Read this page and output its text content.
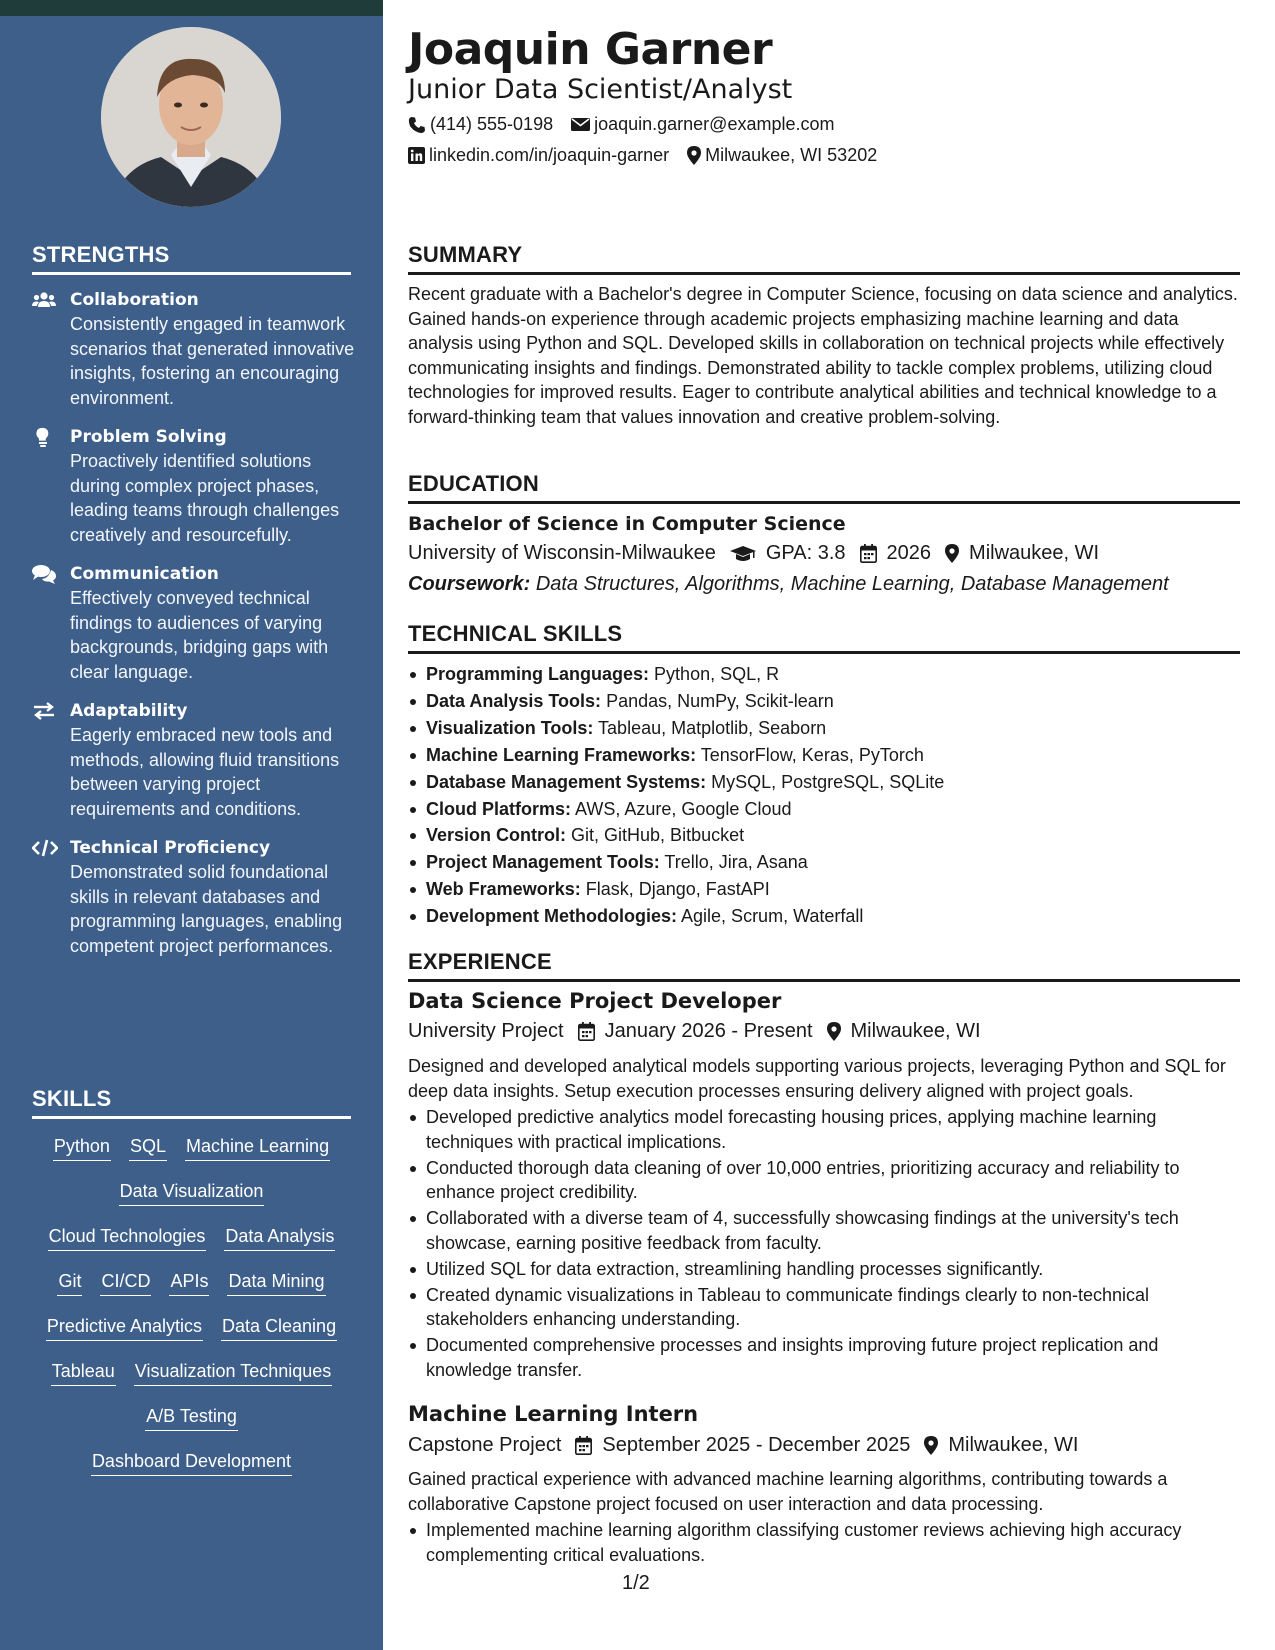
STRENGTHS
Collaboration
Consistently engaged in teamwork scenarios that generated innovative insights, fostering an encouraging environment.
Problem Solving
Proactively identified solutions during complex project phases, leading teams through challenges creatively and resourcefully.
Communication
Effectively conveyed technical findings to audiences of varying backgrounds, bridging gaps with clear language.
Adaptability
Eagerly embraced new tools and methods, allowing fluid transitions between varying project requirements and conditions.
Technical Proficiency
Demonstrated solid foundational skills in relevant databases and programming languages, enabling competent project performances.
SKILLS
Python SQL Machine Learning
Data Visualization
Cloud Technologies Data Analysis
Git CI/CD APIs Data Mining
Predictive Analytics Data Cleaning
Tableau Visualization Techniques
A/B Testing
Dashboard Development
Joaquin Garner
Junior Data Scientist/Analyst
(414) 555-0198 joaquin.garner@example.com
linkedin.com/in/joaquin-garner Milwaukee, WI 53202
SUMMARY
Recent graduate with a Bachelor's degree in Computer Science, focusing on data science and analytics. Gained hands-on experience through academic projects emphasizing machine learning and data analysis using Python and SQL. Developed skills in collaboration on technical projects while effectively communicating insights and findings. Demonstrated ability to tackle complex problems, utilizing cloud technologies for improved results. Eager to contribute analytical abilities and technical knowledge to a forward-thinking team that values innovation and creative problem-solving.
EDUCATION
Bachelor of Science in Computer Science
University of Wisconsin-Milwaukee	GPA: 3.8 2026 Milwaukee, WI
Coursework: Data Structures, Algorithms, Machine Learning, Database Management
TECHNICAL SKILLS
Programming Languages: Python, SQL, R
Data Analysis Tools: Pandas, NumPy, Scikit-learn
Visualization Tools: Tableau, Matplotlib, Seaborn
Machine Learning Frameworks: TensorFlow, Keras, PyTorch
Database Management Systems: MySQL, PostgreSQL, SQLite
Cloud Platforms: AWS, Azure, Google Cloud
Version Control: Git, GitHub, Bitbucket
Project Management Tools: Trello, Jira, Asana
Web Frameworks: Flask, Django, FastAPI
Development Methodologies: Agile, Scrum, Waterfall
EXPERIENCE
Data Science Project Developer
University Project January 2026 - Present Milwaukee, WI
Designed and developed analytical models supporting various projects, leveraging Python and SQL for deep data insights. Setup execution processes ensuring delivery aligned with project goals.
Developed predictive analytics model forecasting housing prices, applying machine learning techniques with practical implications.
Conducted thorough data cleaning of over 10,000 entries, prioritizing accuracy and reliability to enhance project credibility.
Collaborated with a diverse team of 4, successfully showcasing findings at the university's tech showcase, earning positive feedback from faculty.
Utilized SQL for data extraction, streamlining handling processes significantly.
Created dynamic visualizations in Tableau to communicate findings clearly to non-technical stakeholders enhancing understanding.
Documented comprehensive processes and insights improving future project replication and knowledge transfer.
Machine Learning Intern
Capstone Project September 2025 - December 2025 Milwaukee, WI
Gained practical experience with advanced machine learning algorithms, contributing towards a collaborative Capstone project focused on user interaction and data processing.
Implemented machine learning algorithm classifying customer reviews achieving high accuracy complementing critical evaluations.
1/2
